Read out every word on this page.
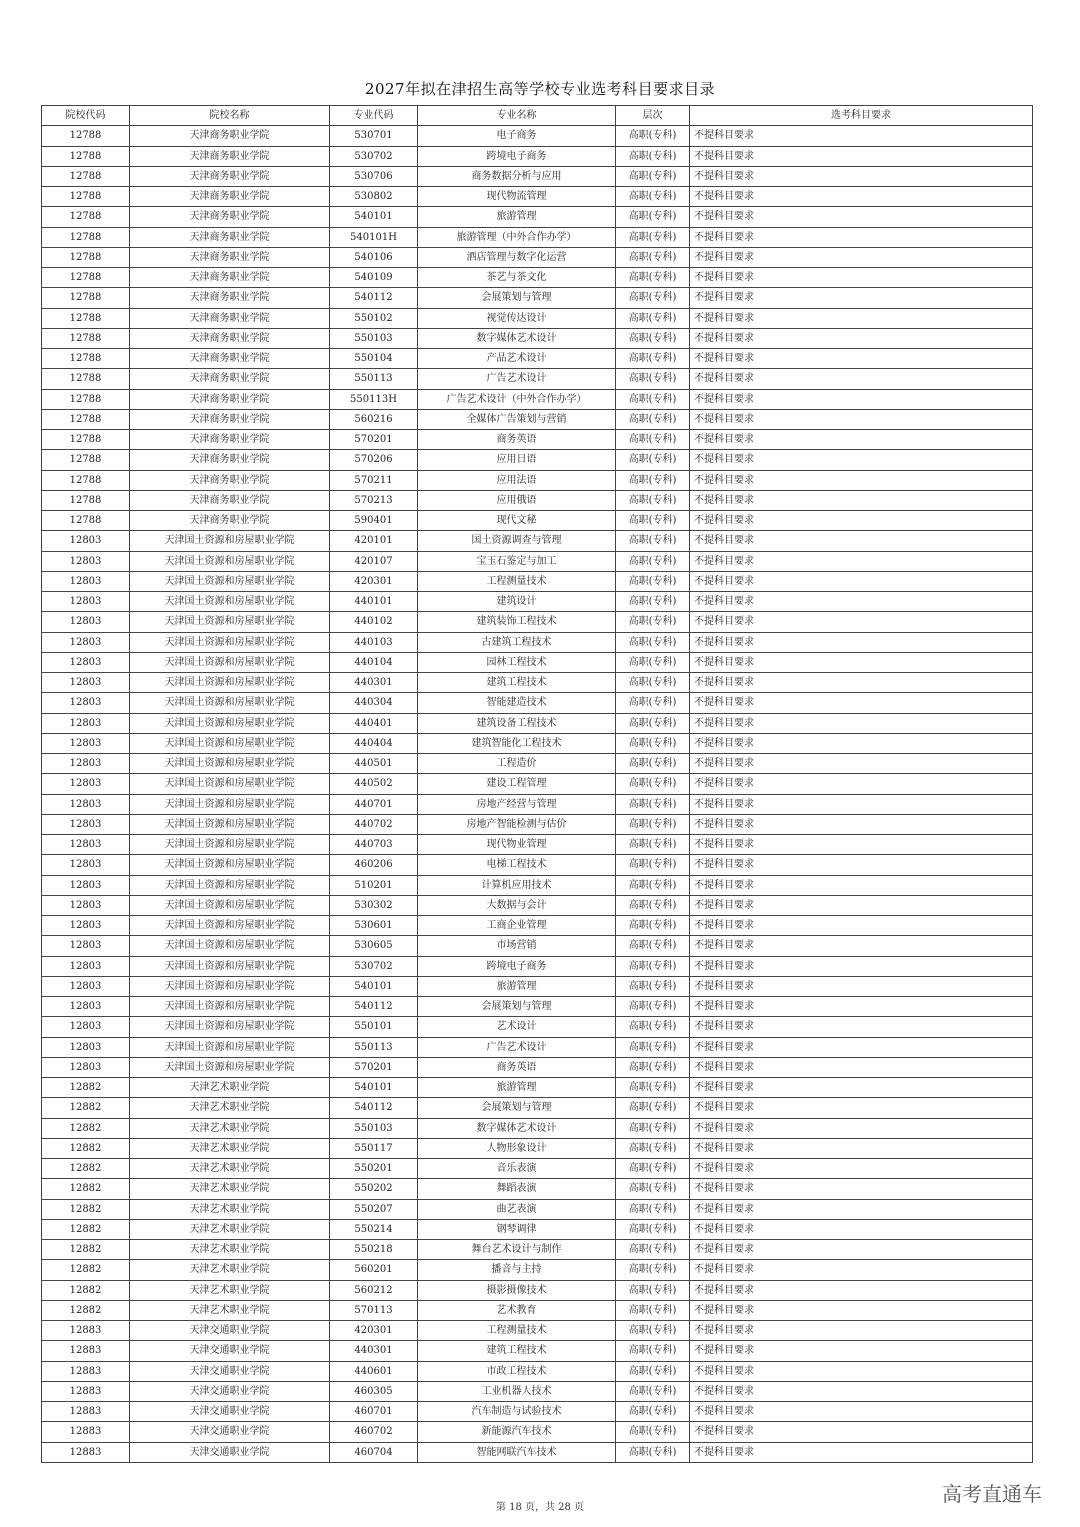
2027年拟在津招生高等学校专业选考科目要求目录
院校代码	院校名称	专业代码	专业名称	层次	选考科目要求
12788	天津商务职业学院	530701	电子商务	高职(专科)	不提科目要求
12788	天津商务职业学院	530702	跨境电子商务	高职(专科)	不提科目要求
12788	天津商务职业学院	530706	商务数据分析与应用	高职(专科)	不提科目要求
12788	天津商务职业学院	530802	现代物流管理	高职(专科)	不提科目要求
12788	天津商务职业学院	540101	旅游管理	高职(专科)	不提科目要求
12788	天津商务职业学院	540101H	旅游管理（中外合作办学）	高职(专科)	不提科目要求
12788	天津商务职业学院	540106	酒店管理与数字化运营	高职(专科)	不提科目要求
12788	天津商务职业学院	540109	茶艺与茶文化	高职(专科)	不提科目要求
12788	天津商务职业学院	540112	会展策划与管理	高职(专科)	不提科目要求
12788	天津商务职业学院	550102	视觉传达设计	高职(专科)	不提科目要求
12788	天津商务职业学院	550103	数字媒体艺术设计	高职(专科)	不提科目要求
12788	天津商务职业学院	550104	产品艺术设计	高职(专科)	不提科目要求
12788	天津商务职业学院	550113	广告艺术设计	高职(专科)	不提科目要求
12788	天津商务职业学院	550113H	广告艺术设计（中外合作办学）	高职(专科)	不提科目要求
12788	天津商务职业学院	560216	全媒体广告策划与营销	高职(专科)	不提科目要求
12788	天津商务职业学院	570201	商务英语	高职(专科)	不提科目要求
12788	天津商务职业学院	570206	应用日语	高职(专科)	不提科目要求
12788	天津商务职业学院	570211	应用法语	高职(专科)	不提科目要求
12788	天津商务职业学院	570213	应用俄语	高职(专科)	不提科目要求
12788	天津商务职业学院	590401	现代文秘	高职(专科)	不提科目要求
12803	天津国土资源和房屋职业学院	420101	国土资源调查与管理	高职(专科)	不提科目要求
12803	天津国土资源和房屋职业学院	420107	宝玉石鉴定与加工	高职(专科)	不提科目要求
12803	天津国土资源和房屋职业学院	420301	工程测量技术	高职(专科)	不提科目要求
12803	天津国土资源和房屋职业学院	440101	建筑设计	高职(专科)	不提科目要求
12803	天津国土资源和房屋职业学院	440102	建筑装饰工程技术	高职(专科)	不提科目要求
12803	天津国土资源和房屋职业学院	440103	古建筑工程技术	高职(专科)	不提科目要求
12803	天津国土资源和房屋职业学院	440104	园林工程技术	高职(专科)	不提科目要求
12803	天津国土资源和房屋职业学院	440301	建筑工程技术	高职(专科)	不提科目要求
12803	天津国土资源和房屋职业学院	440304	智能建造技术	高职(专科)	不提科目要求
12803	天津国土资源和房屋职业学院	440401	建筑设备工程技术	高职(专科)	不提科目要求
12803	天津国土资源和房屋职业学院	440404	建筑智能化工程技术	高职(专科)	不提科目要求
12803	天津国土资源和房屋职业学院	440501	工程造价	高职(专科)	不提科目要求
12803	天津国土资源和房屋职业学院	440502	建设工程管理	高职(专科)	不提科目要求
12803	天津国土资源和房屋职业学院	440701	房地产经营与管理	高职(专科)	不提科目要求
12803	天津国土资源和房屋职业学院	440702	房地产智能检测与估价	高职(专科)	不提科目要求
12803	天津国土资源和房屋职业学院	440703	现代物业管理	高职(专科)	不提科目要求
12803	天津国土资源和房屋职业学院	460206	电梯工程技术	高职(专科)	不提科目要求
12803	天津国土资源和房屋职业学院	510201	计算机应用技术	高职(专科)	不提科目要求
12803	天津国土资源和房屋职业学院	530302	大数据与会计	高职(专科)	不提科目要求
12803	天津国土资源和房屋职业学院	530601	工商企业管理	高职(专科)	不提科目要求
12803	天津国土资源和房屋职业学院	530605	市场营销	高职(专科)	不提科目要求
12803	天津国土资源和房屋职业学院	530702	跨境电子商务	高职(专科)	不提科目要求
12803	天津国土资源和房屋职业学院	540101	旅游管理	高职(专科)	不提科目要求
12803	天津国土资源和房屋职业学院	540112	会展策划与管理	高职(专科)	不提科目要求
12803	天津国土资源和房屋职业学院	550101	艺术设计	高职(专科)	不提科目要求
12803	天津国土资源和房屋职业学院	550113	广告艺术设计	高职(专科)	不提科目要求
12803	天津国土资源和房屋职业学院	570201	商务英语	高职(专科)	不提科目要求
12882	天津艺术职业学院	540101	旅游管理	高职(专科)	不提科目要求
12882	天津艺术职业学院	540112	会展策划与管理	高职(专科)	不提科目要求
12882	天津艺术职业学院	550103	数字媒体艺术设计	高职(专科)	不提科目要求
12882	天津艺术职业学院	550117	人物形象设计	高职(专科)	不提科目要求
12882	天津艺术职业学院	550201	音乐表演	高职(专科)	不提科目要求
12882	天津艺术职业学院	550202	舞蹈表演	高职(专科)	不提科目要求
12882	天津艺术职业学院	550207	曲艺表演	高职(专科)	不提科目要求
12882	天津艺术职业学院	550214	钢琴调律	高职(专科)	不提科目要求
12882	天津艺术职业学院	550218	舞台艺术设计与制作	高职(专科)	不提科目要求
12882	天津艺术职业学院	560201	播音与主持	高职(专科)	不提科目要求
12882	天津艺术职业学院	560212	摄影摄像技术	高职(专科)	不提科目要求
12882	天津艺术职业学院	570113	艺术教育	高职(专科)	不提科目要求
12883	天津交通职业学院	420301	工程测量技术	高职(专科)	不提科目要求
12883	天津交通职业学院	440301	建筑工程技术	高职(专科)	不提科目要求
12883	天津交通职业学院	440601	市政工程技术	高职(专科)	不提科目要求
12883	天津交通职业学院	460305	工业机器人技术	高职(专科)	不提科目要求
12883	天津交通职业学院	460701	汽车制造与试验技术	高职(专科)	不提科目要求
12883	天津交通职业学院	460702	新能源汽车技术	高职(专科)	不提科目要求
12883	天津交通职业学院	460704	智能网联汽车技术	高职(专科)	不提科目要求
第 18 页，共 28 页
高考直通车
